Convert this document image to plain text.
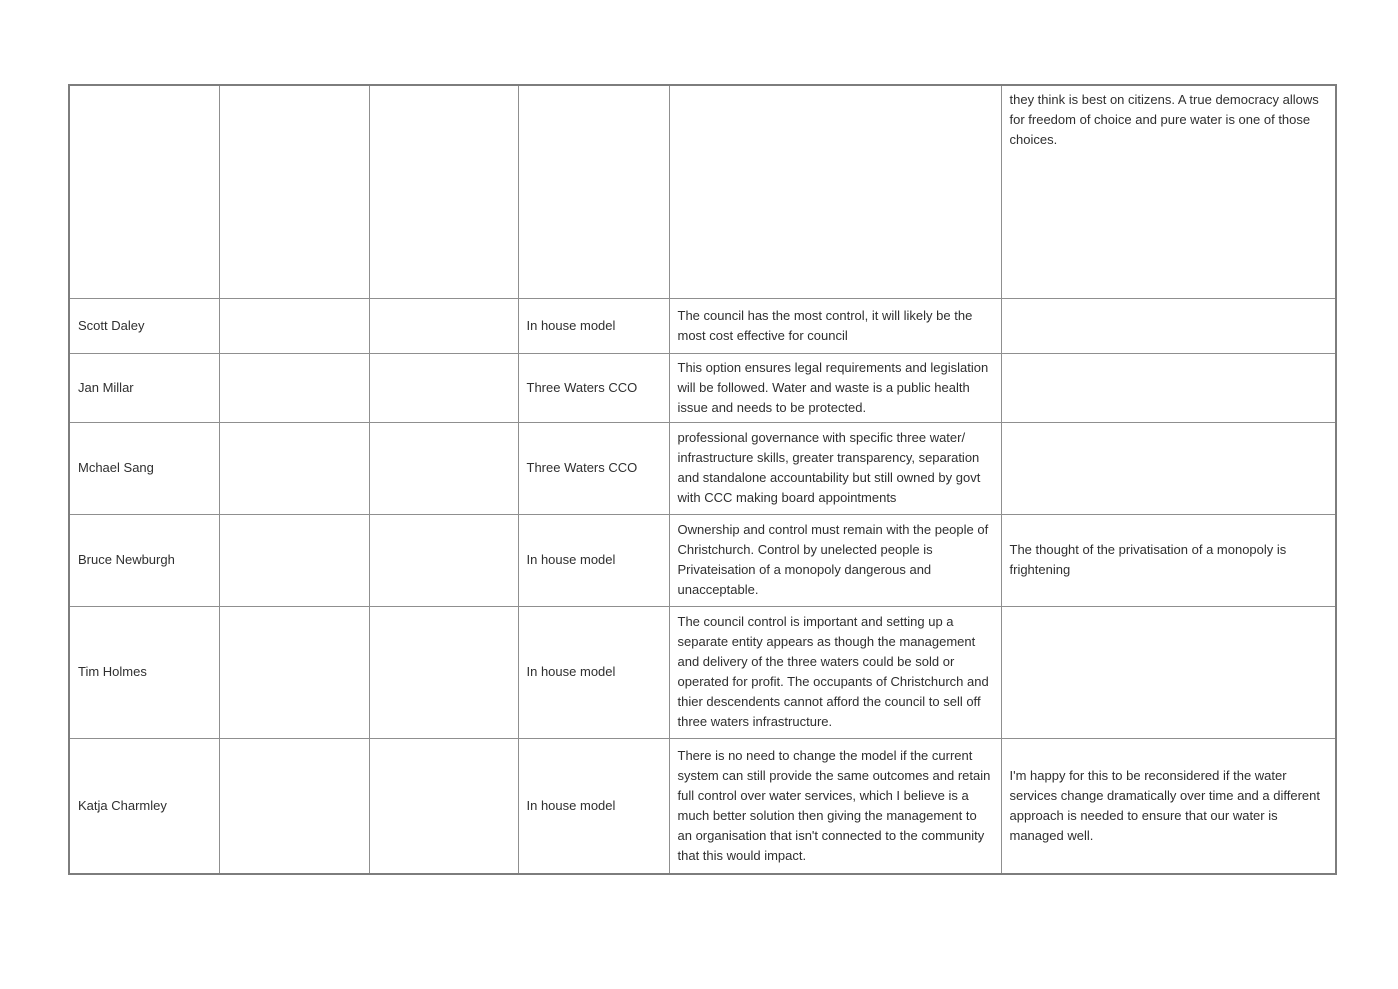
					they think is best on citizens. A true democracy allows for freedom of choice and pure water is one of those choices.
Scott Daley			In house model	The council has the most control, it will likely be the most cost effective for council	
Jan Millar			Three Waters CCO	This option ensures legal requirements and legislation will be followed. Water and waste is a public health issue and needs to be protected.	
Mchael Sang			Three Waters CCO	professional governance with specific three water/ infrastructure skills, greater transparency, separation and standalone accountability but still owned by govt with CCC making board appointments	
Bruce Newburgh			In house model	Ownership and control must remain with the people of Christchurch. Control by unelected people is Privateisation of a monopoly dangerous and unacceptable.	The thought of the privatisation of a monopoly is frightening
Tim Holmes			In house model	The council control is important and setting up a separate entity appears as though the management and delivery of the three waters could be sold or operated for profit. The occupants of Christchurch and thier descendents cannot afford the council to sell off three waters infrastructure.	
Katja Charmley			In house model	There is no need to change the model if the current system can still provide the same outcomes and retain full control over water services, which I believe is a much better solution then giving the management to an organisation that isn't connected to the community that this would impact.	I'm happy for this to be reconsidered if the water services change dramatically over time and a different approach is needed to ensure that our water is managed well.
